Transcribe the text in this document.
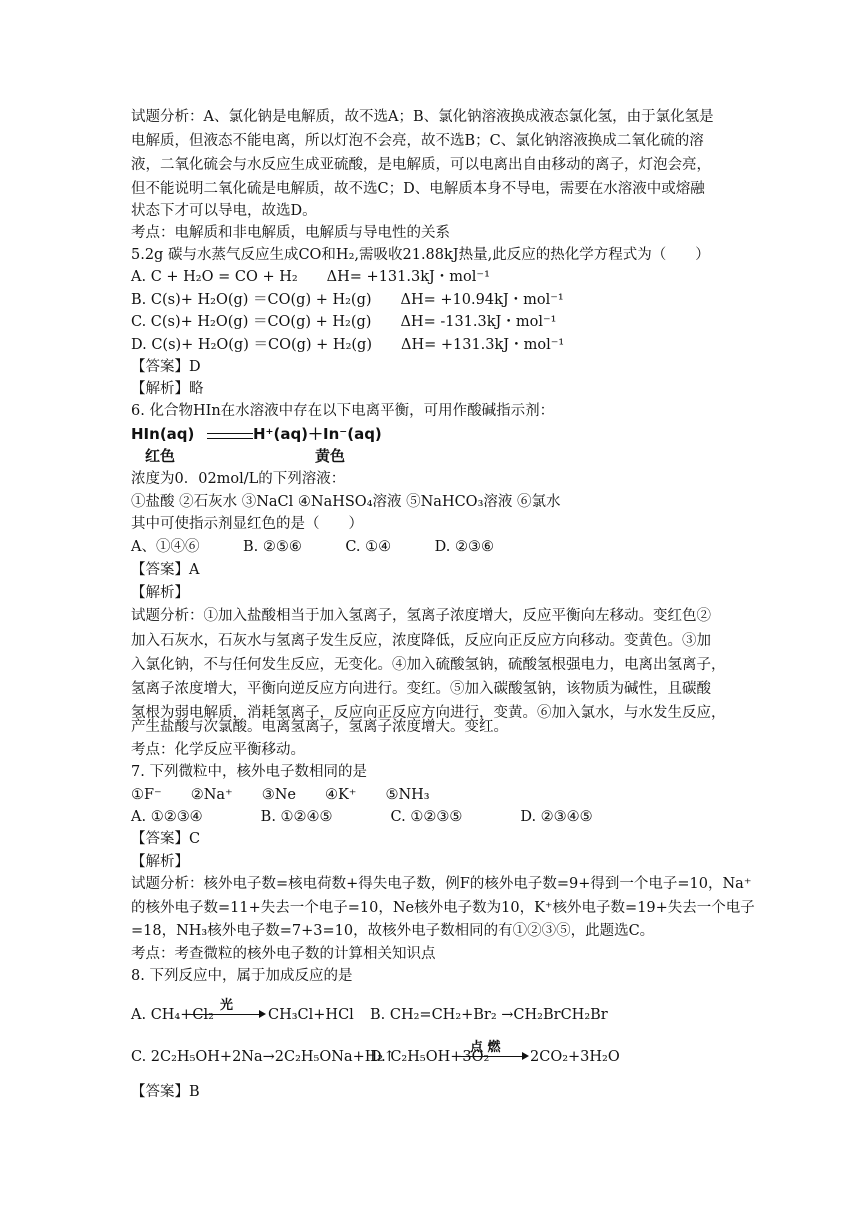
试题分析：A、氯化钠是电解质，故不选A；B、氯化钠溶液换成液态氯化氢，由于氯化氢是
电解质，但液态不能电离，所以灯泡不会亮，故不选B；C、氯化钠溶液换成二氧化硫的溶
液，二氧化硫会与水反应生成亚硫酸，是电解质，可以电离出自由移动的离子，灯泡会亮，
但不能说明二氧化硫是电解质，故不选C；D、电解质本身不导电，需要在水溶液中或熔融
状态下才可以导电，故选D。
考点：电解质和非电解质，电解质与导电性的关系
5.2g 碳与水蒸气反应生成CO和H₂,需吸收21.88kJ热量,此反应的热化学方程式为（　　）
A. C + H₂O = CO + H₂　　ΔH= +131.3kJ・mol⁻¹
B. C(s)+ H₂O(g) ＝CO(g) + H₂(g)　　ΔH= +10.94kJ・mol⁻¹
C. C(s)+ H₂O(g) ＝CO(g) + H₂(g)　　ΔH= -131.3kJ・mol⁻¹
D. C(s)+ H₂O(g) ＝CO(g) + H₂(g)　　ΔH= +131.3kJ・mol⁻¹
【答案】D
【解析】略
6. 化合物HIn在水溶液中存在以下电离平衡，可用作酸碱指示剂：
HIn(aq)	H⁺(aq)＋In⁻(aq)
红色	黄色
浓度为0．02mol/L的下列溶液：
①盐酸 ②石灰水 ③NaCl ④NaHSO₄溶液 ⑤NaHCO₃溶液 ⑥氯水
其中可使指示剂显红色的是（　　）
A、①④⑥　　　B. ②⑤⑥　　　C. ①④　　　D. ②③⑥
【答案】A
【解析】
试题分析：①加入盐酸相当于加入氢离子，氢离子浓度增大，反应平衡向左移动。变红色②
加入石灰水，石灰水与氢离子发生反应，浓度降低，反应向正反应方向移动。变黄色。③加
入氯化钠，不与任何发生反应，无变化。④加入硫酸氢钠，硫酸氢根强电力，电离出氢离子，
氢离子浓度增大，平衡向逆反应方向进行。变红。⑤加入碳酸氢钠，该物质为碱性，且碳酸
氢根为弱电解质，消耗氢离子，反应向正反应方向进行，变黄。⑥加入氯水，与水发生反应，
产生盐酸与次氯酸。电离氢离子，氢离子浓度增大。变红。
考点：化学反应平衡移动。
7. 下列微粒中，核外电子数相同的是
①F⁻　　②Na⁺　　③Ne　　④K⁺　　⑤NH₃
A. ①②③④　　　　B. ①②④⑤　　　　C. ①②③⑤　　　　D. ②③④⑤
【答案】C
【解析】
试题分析：核外电子数=核电荷数+得失电子数，例F的核外电子数=9+得到一个电子=10，Na⁺
的核外电子数=11+失去一个电子=10，Ne核外电子数为10，K⁺核外电子数=19+失去一个电子
=18，NH₃核外电子数=7+3=10，故核外电子数相同的有①②③⑤，此题选C。
考点：考查微粒的核外电子数的计算相关知识点
8. 下列反应中，属于加成反应的是
A. CH₄+Cl₂
光
CH₃Cl+HCl B. CH₂=CH₂+Br₂ →CH₂BrCH₂Br
C. 2C₂H₅OH+2Na→2C₂H₅ONa+H₂↑
D. C₂H₅OH+3O₂
点 燃
2CO₂+3H₂O
【答案】B
